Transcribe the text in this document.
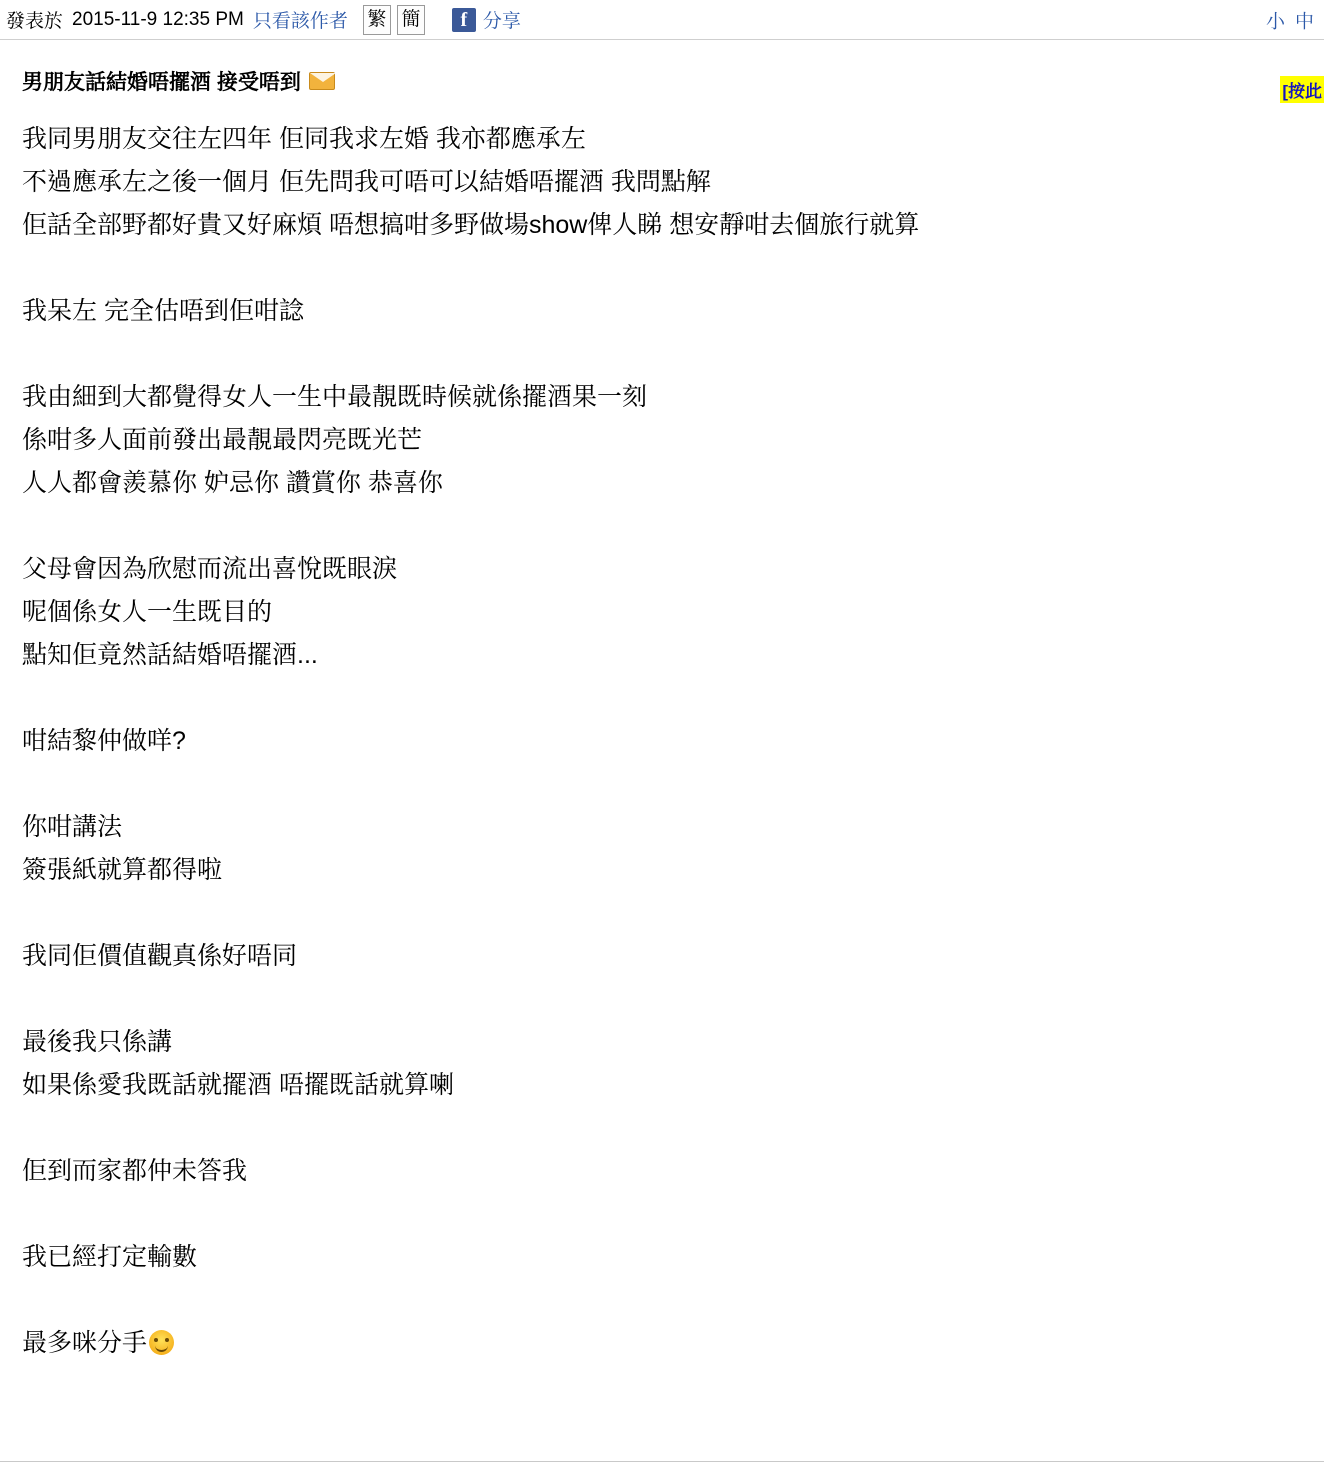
發表於 2015-11-9 12:35 PM 只看該作者 繁 簡	f 分享	小 中
[按此
男朋友話結婚唔擺酒 接受唔到
我同男朋友交往左四年 佢同我求左婚 我亦都應承左
不過應承左之後一個月 佢先問我可唔可以結婚唔擺酒 我問點解
佢話全部野都好貴又好麻煩 唔想搞咁多野做場show俾人睇 想安靜咁去個旅行就算
我呆左 完全估唔到佢咁諗
我由細到大都覺得女人一生中最靚既時候就係擺酒果一刻
係咁多人面前發出最靚最閃亮既光芒
人人都會羨慕你 妒忌你 讚賞你 恭喜你
父母會因為欣慰而流出喜悅既眼淚
呢個係女人一生既目的
點知佢竟然話結婚唔擺酒...
咁結黎仲做咩?
你咁講法
簽張紙就算都得啦
我同佢價值觀真係好唔同
最後我只係講
如果係愛我既話就擺酒 唔擺既話就算喇
佢到而家都仲未答我
我已經打定輸數
最多咪分手
